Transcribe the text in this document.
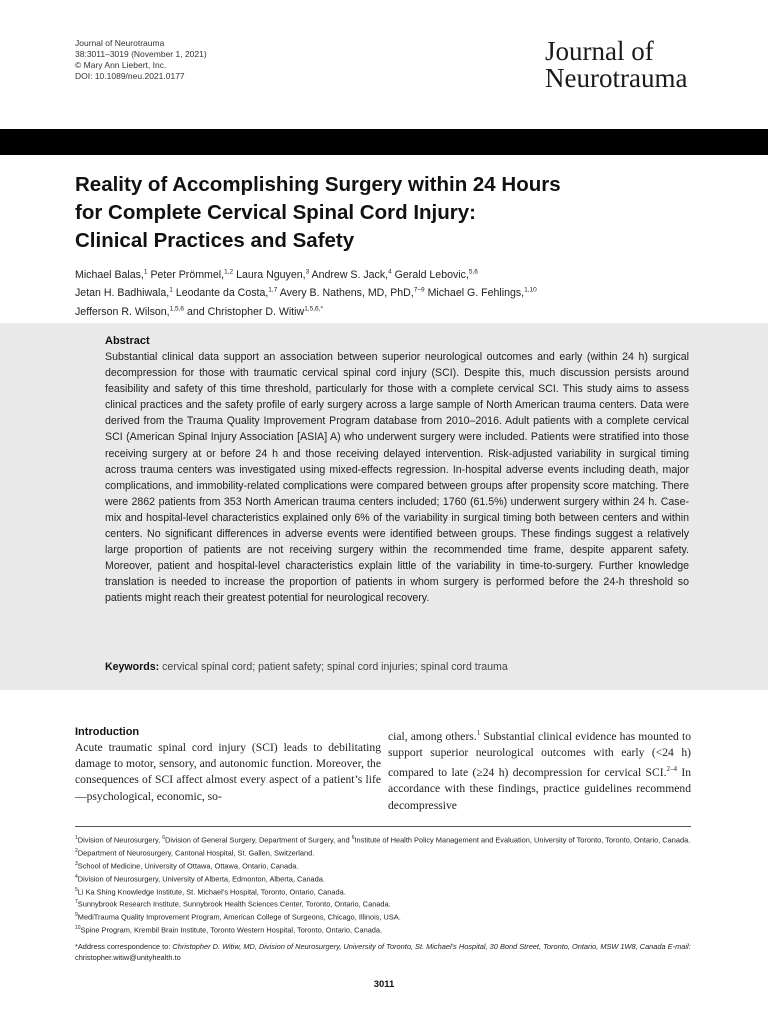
Journal of Neurotrauma
38:3011–3019 (November 1, 2021)
© Mary Ann Liebert, Inc.
DOI: 10.1089/neu.2021.0177
Journal of
Neurotrauma
Reality of Accomplishing Surgery within 24 Hours
for Complete Cervical Spinal Cord Injury:
Clinical Practices and Safety
Michael Balas,$^1$ Peter Prömmel,$^{1,2}$ Laura Nguyen,$^3$ Andrew S. Jack,$^4$ Gerald Lebovic,$^{5,6}$
Jetan H. Badhiwala,$^1$ Leodante da Costa,$^{1,7}$ Avery B. Nathens, MD, PhD,$^{7-9}$ Michael G. Fehlings,$^{1,10}$
Jefferson R. Wilson,$^{1,5,6}$ and Christopher D. Witiw$^{1,5,6,*}$
Abstract
Substantial clinical data support an association between superior neurological outcomes and early (within 24 h) surgical decompression for those with traumatic cervical spinal cord injury (SCI). Despite this, much discussion persists around feasibility and safety of this time threshold, particularly for those with a complete cervical SCI. This study aims to assess clinical practices and the safety profile of early surgery across a large sample of North American trauma centers. Data were derived from the Trauma Quality Improvement Program database from 2010–2016. Adult patients with a complete cervical SCI (American Spinal Injury Association [ASIA] A) who underwent surgery were included. Patients were stratified into those receiving surgery at or before 24 h and those receiving delayed intervention. Risk-adjusted variability in surgical timing across trauma centers was investigated using mixed-effects regression. In-hospital adverse events including death, major complications, and immobility-related complications were compared between groups after propensity score matching. There were 2862 patients from 353 North American trauma centers included; 1760 (61.5%) underwent surgery within 24 h. Case-mix and hospital-level characteristics explained only 6% of the variability in surgical timing both between centers and within centers. No significant differences in adverse events were identified between groups. These findings suggest a relatively large proportion of patients are not receiving surgery within the recommended time frame, despite apparent safety. Moreover, patient and hospital-level characteristics explain little of the variability in time-to-surgery. Further knowledge translation is needed to increase the proportion of patients in whom surgery is performed before the 24-h threshold so patients might reach their greatest potential for neurological recovery.
Keywords: cervical spinal cord; patient safety; spinal cord injuries; spinal cord trauma
Introduction
Acute traumatic spinal cord injury (SCI) leads to debilitating damage to motor, sensory, and autonomic function. Moreover, the consequences of SCI affect almost every aspect of a patient’s life—psychological, economic, so-
cial, among others.$^1$ Substantial clinical evidence has mounted to support superior neurological outcomes with early (<24 h) compared to late (≥24 h) decompression for cervical SCI.$^{2-4}$ In accordance with these findings, practice guidelines recommend decompressive
$^1$Division of Neurosurgery, $^6$Division of General Surgery, Department of Surgery, and $^6$Institute of Health Policy Management and Evaluation, University of Toronto, Toronto, Ontario, Canada.
$^2$Department of Neurosurgery, Cantonal Hospital, St. Gallen, Switzerland.
$^3$School of Medicine, University of Ottawa, Ottawa, Ontario, Canada.
$^4$Division of Neurosurgery, University of Alberta, Edmonton, Alberta, Canada.
$^5$Li Ka Shing Knowledge Institute, St. Michael’s Hospital, Toronto, Ontario, Canada.
$^7$Sunnybrook Research Institute, Sunnybrook Health Sciences Center, Toronto, Ontario, Canada.
$^9$MediTrauma Quality Improvement Program, American College of Surgeons, Chicago, Illinois, USA.
$^{10}$Spine Program, Krembil Brain Institute, Toronto Western Hospital, Toronto, Ontario, Canada.
*Address correspondence to: Christopher D. Witiw, MD, Division of Neurosurgery, University of Toronto, St. Michael’s Hospital, 30 Bond Street, Toronto, Ontario, MSW 1W8, Canada E-mail: christopher.witiw@unityhealth.to
3011
